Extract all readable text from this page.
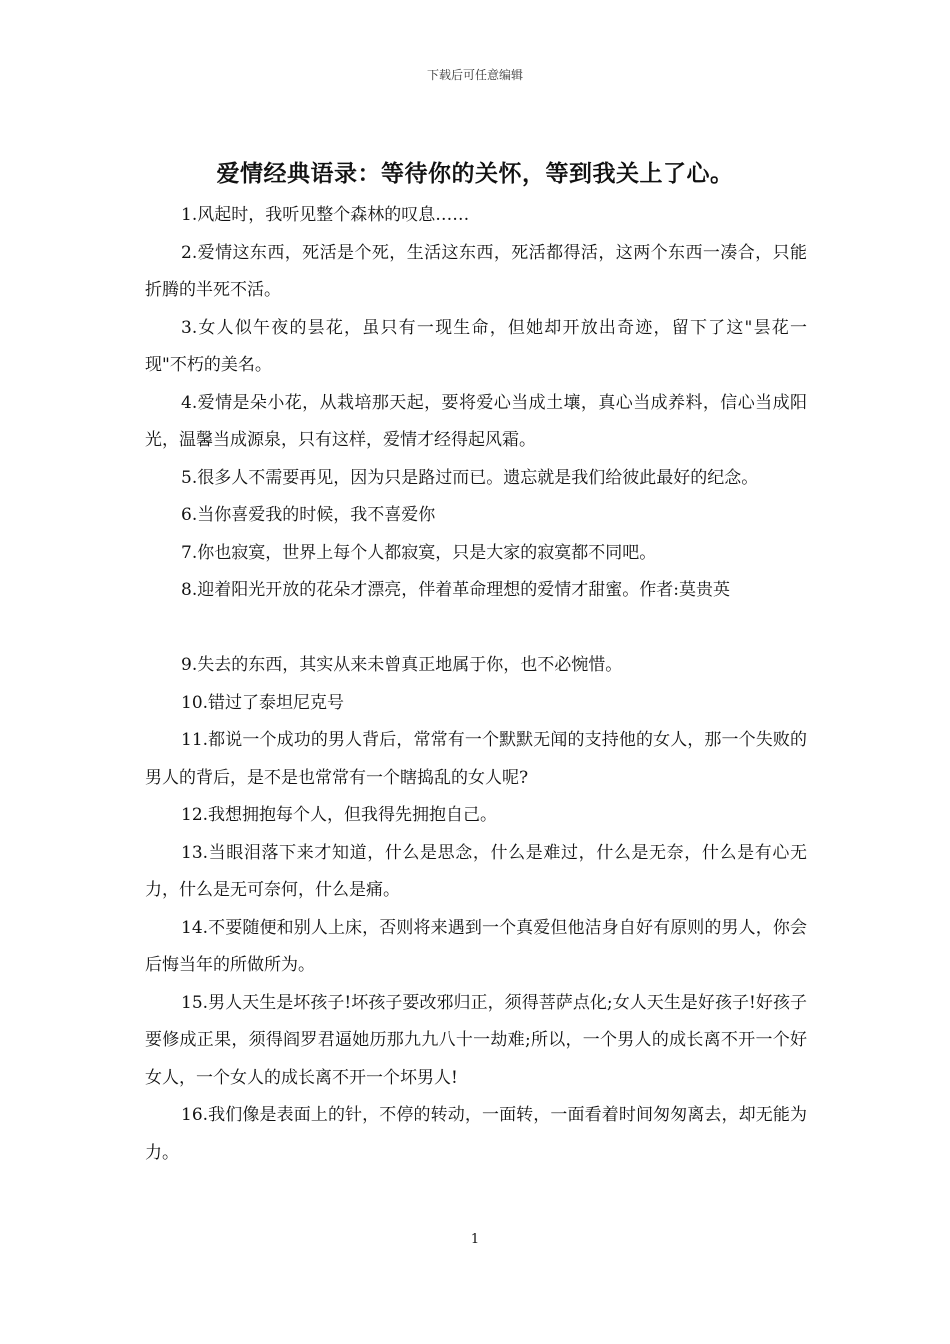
下载后可任意编辑
爱情经典语录：等待你的关怀，等到我关上了心。

1.风起时，我听见整个森林的叹息……

2.爱情这东西，死活是个死，生活这东西，死活都得活，这两个东西一凑合，只能折腾的半死不活。

3.女人似午夜的昙花，虽只有一现生命，但她却开放出奇迹，留下了这"昙花一现"不朽的美名。

4.爱情是朵小花，从栽培那天起，要将爱心当成土壤，真心当成养料，信心当成阳光，温馨当成源泉，只有这样，爱情才经得起风霜。

5.很多人不需要再见，因为只是路过而已。遗忘就是我们给彼此最好的纪念。

6.当你喜爱我的时候，我不喜爱你

7.你也寂寞，世界上每个人都寂寞，只是大家的寂寞都不同吧。

8.迎着阳光开放的花朵才漂亮，伴着革命理想的爱情才甜蜜。作者:莫贵英

9.失去的东西，其实从来未曾真正地属于你，也不必惋惜。

10.错过了泰坦尼克号

11.都说一个成功的男人背后，常常有一个默默无闻的支持他的女人，那一个失败的男人的背后，是不是也常常有一个瞎捣乱的女人呢?

12.我想拥抱每个人，但我得先拥抱自己。

13.当眼泪落下来才知道，什么是思念，什么是难过，什么是无奈，什么是有心无力，什么是无可奈何，什么是痛。

14.不要随便和别人上床，否则将来遇到一个真爱但他洁身自好有原则的男人，你会后悔当年的所做所为。

15.男人天生是坏孩子!坏孩子要改邪归正，须得菩萨点化;女人天生是好孩子!好孩子要修成正果，须得阎罗君逼她历那九九八十一劫难;所以，一个男人的成长离不开一个好女人，一个女人的成长离不开一个坏男人!

16.我们像是表面上的针，不停的转动，一面转，一面看着时间匆匆离去，却无能为力。

1
